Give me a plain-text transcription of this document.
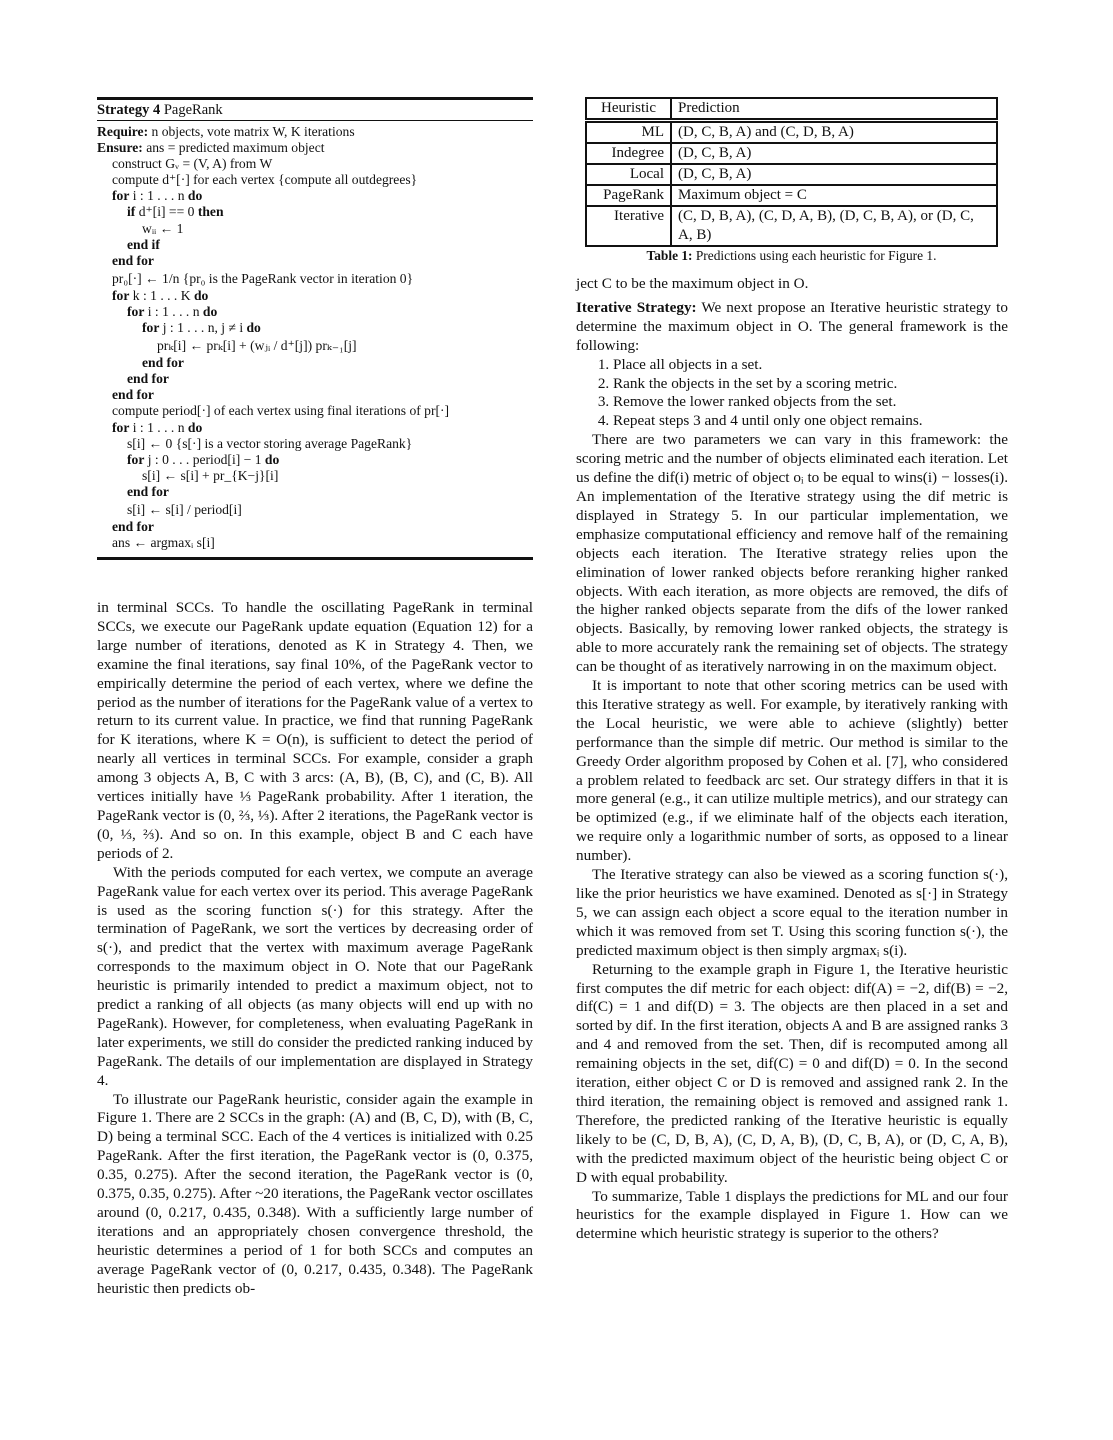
Strategy 4 PageRank
Require: n objects, vote matrix W, K iterations
Ensure: ans = predicted maximum object
construct Gᵥ = (V, A) from W
compute d⁺[·] for each vertex {compute all outdegrees}
for i : 1 . . . n do
if d⁺[i] == 0 then
wᵢᵢ ← 1
end if
end for
pr₀[·] ← 1/n {pr₀ is the PageRank vector in iteration 0}
for k : 1 . . . K do
for i : 1 . . . n do
for j : 1 . . . n, j ≠ i do
prₖ[i] ← prₖ[i] + (wⱼᵢ / d⁺[j]) prₖ₋₁[j]
end for
end for
end for
compute period[·] of each vertex using final iterations of pr[·]
for i : 1 . . . n do
s[i] ← 0 {s[·] is a vector storing average PageRank}
for j : 0 . . . period[i] − 1 do
s[i] ← s[i] + pr_{K−j}[i]
end for
s[i] ← s[i] / period[i]
end for
ans ← argmaxᵢ s[i]

in terminal SCCs. To handle the oscillating PageRank in terminal SCCs, we execute our PageRank update equation (Equation 12) for a large number of iterations, denoted as K in Strategy 4. Then, we examine the final iterations, say final 10%, of the PageRank vector to empirically determine the period of each vertex, where we define the period as the number of iterations for the PageRank value of a vertex to return to its current value. In practice, we find that running PageRank for K iterations, where K = O(n), is sufficient to detect the period of nearly all vertices in terminal SCCs. For example, consider a graph among 3 objects A, B, C with 3 arcs: (A, B), (B, C), and (C, B). All vertices initially have ⅓ PageRank probability. After 1 iteration, the PageRank vector is (0, ⅔, ⅓). After 2 iterations, the PageRank vector is (0, ⅓, ⅔). And so on. In this example, object B and C each have periods of 2.

With the periods computed for each vertex, we compute an average PageRank value for each vertex over its period. This average PageRank is used as the scoring function s(·) for this strategy. After the termination of PageRank, we sort the vertices by decreasing order of s(·), and predict that the vertex with maximum average PageRank corresponds to the maximum object in O. Note that our PageRank heuristic is primarily intended to predict a maximum object, not to predict a ranking of all objects (as many objects will end up with no PageRank). However, for completeness, when evaluating PageRank in later experiments, we still do consider the predicted ranking induced by PageRank. The details of our implementation are displayed in Strategy 4.

To illustrate our PageRank heuristic, consider again the example in Figure 1. There are 2 SCCs in the graph: (A) and (B, C, D), with (B, C, D) being a terminal SCC. Each of the 4 vertices is initialized with 0.25 PageRank. After the first iteration, the PageRank vector is (0, 0.375, 0.35, 0.275). After the second iteration, the PageRank vector is (0, 0.375, 0.35, 0.275). After ~20 iterations, the PageRank vector oscillates around (0, 0.217, 0.435, 0.348). With a sufficiently large number of iterations and an appropriately chosen convergence threshold, the heuristic determines a period of 1 for both SCCs and computes an average PageRank vector of (0, 0.217, 0.435, 0.348). The PageRank heuristic then predicts ob-

Heuristic	Prediction
ML	(D, C, B, A) and (C, D, B, A)
Indegree	(D, C, B, A)
Local	(D, C, B, A)
PageRank	Maximum object = C
Iterative	(C, D, B, A), (C, D, A, B), (D, C, B, A), or (D, C, A, B)
Table 1: Predictions using each heuristic for Figure 1.

ject C to be the maximum object in O.

Iterative Strategy: We next propose an Iterative heuristic strategy to determine the maximum object in O. The general framework is the following:

1. Place all objects in a set.
2. Rank the objects in the set by a scoring metric.
3. Remove the lower ranked objects from the set.
4. Repeat steps 3 and 4 until only one object remains.

There are two parameters we can vary in this framework: the scoring metric and the number of objects eliminated each iteration. Let us define the dif(i) metric of object oᵢ to be equal to wins(i) − losses(i). An implementation of the Iterative strategy using the dif metric is displayed in Strategy 5. In our particular implementation, we emphasize computational efficiency and remove half of the remaining objects each iteration. The Iterative strategy relies upon the elimination of lower ranked objects before reranking higher ranked objects. With each iteration, as more objects are removed, the difs of the higher ranked objects separate from the difs of the lower ranked objects. Basically, by removing lower ranked objects, the strategy is able to more accurately rank the remaining set of objects. The strategy can be thought of as iteratively narrowing in on the maximum object.

It is important to note that other scoring metrics can be used with this Iterative strategy as well. For example, by iteratively ranking with the Local heuristic, we were able to achieve (slightly) better performance than the simple dif metric. Our method is similar to the Greedy Order algorithm proposed by Cohen et al. [7], who considered a problem related to feedback arc set. Our strategy differs in that it is more general (e.g., it can utilize multiple metrics), and our strategy can be optimized (e.g., if we eliminate half of the objects each iteration, we require only a logarithmic number of sorts, as opposed to a linear number).

The Iterative strategy can also be viewed as a scoring function s(·), like the prior heuristics we have examined. Denoted as s[·] in Strategy 5, we can assign each object a score equal to the iteration number in which it was removed from set T. Using this scoring function s(·), the predicted maximum object is then simply argmaxᵢ s(i).

Returning to the example graph in Figure 1, the Iterative heuristic first computes the dif metric for each object: dif(A) = −2, dif(B) = −2, dif(C) = 1 and dif(D) = 3. The objects are then placed in a set and sorted by dif. In the first iteration, objects A and B are assigned ranks 3 and 4 and removed from the set. Then, dif is recomputed among all remaining objects in the set, dif(C) = 0 and dif(D) = 0. In the second iteration, either object C or D is removed and assigned rank 2. In the third iteration, the remaining object is removed and assigned rank 1. Therefore, the predicted ranking of the Iterative heuristic is equally likely to be (C, D, B, A), (C, D, A, B), (D, C, B, A), or (D, C, A, B), with the predicted maximum object of the heuristic being object C or D with equal probability.

To summarize, Table 1 displays the predictions for ML and our four heuristics for the example displayed in Figure 1. How can we determine which heuristic strategy is superior to the others?
